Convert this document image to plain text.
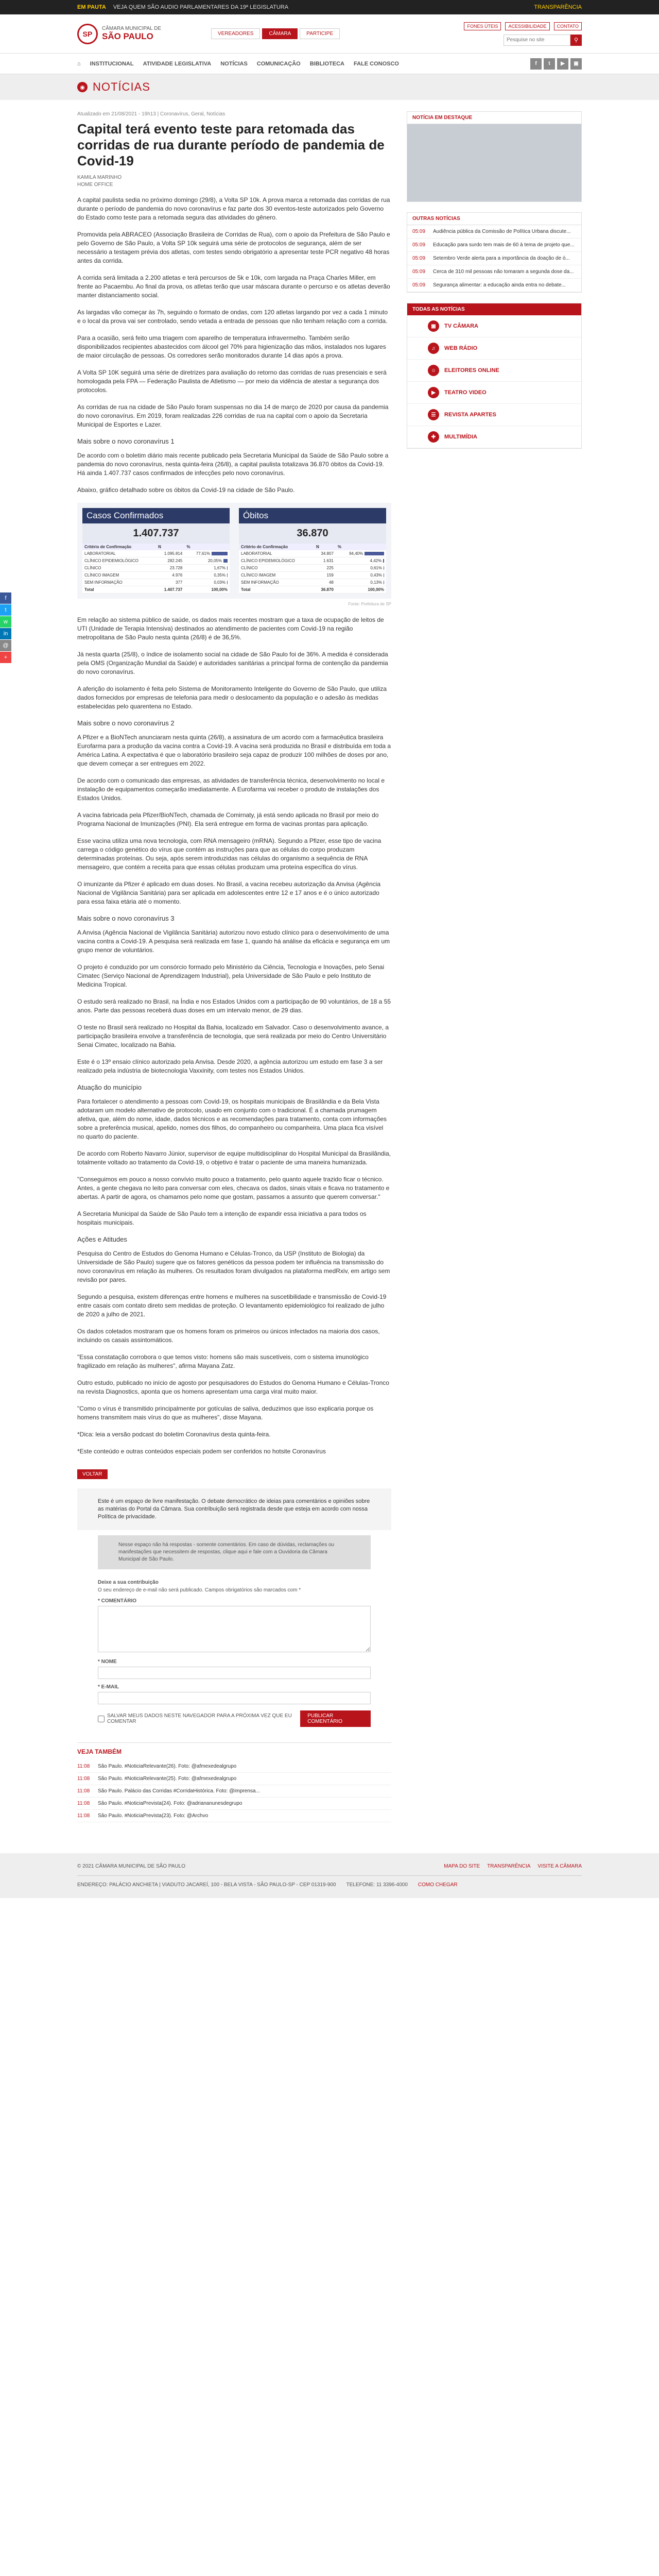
EM PAUTA VEJA QUEM SÃO AUDIO PARLAMENTARES DA 19ª LEGISLATURA	TRANSPARÊNCIA
SP
CÂMARA MUNICIPAL DE
SÃO PAULO	VEREADORES	CÂMARA	PARTICIPE
FONES ÚTEIS	ACESSIBILIDADE	CONTATO
Pesquise no site
⚲
⌂ INSTITUCIONAL ATIVIDADE LEGISLATIVA NOTÍCIAS COMUNICAÇÃO BIBLIOTECA FALE CONOSCO	f	t	▶	▣
◉ NOTÍCIAS
f
t
w
in
@
+
Atualizado em 21/08/2021 - 19h13 | Coronavírus, Geral, Notícias
Capital terá evento teste para retomada das corridas de rua durante período de pandemia de Covid-19
KAMILA MARINHO
HOME OFFICE

A capital paulista sedia no próximo domingo (29/8), a Volta SP 10k. A prova marca a retomada das corridas de rua durante o período de pandemia do novo coronavírus e faz parte dos 30 eventos-teste autorizados pelo Governo do Estado como teste para a retomada segura das atividades do gênero.

Promovida pela ABRACEO (Associação Brasileira de Corridas de Rua), com o apoio da Prefeitura de São Paulo e pelo Governo de São Paulo, a Volta SP 10k seguirá uma série de protocolos de segurança, além de ser necessário a testagem prévia dos atletas, com testes sendo obrigatório a apresentar teste PCR negativo 48 horas antes da corrida.

A corrida será limitada a 2.200 atletas e terá percursos de 5k e 10k, com largada na Praça Charles Miller, em frente ao Pacaembu. Ao final da prova, os atletas terão que usar máscara durante o percurso e os atletas deverão manter distanciamento social.

As largadas vão começar às 7h, seguindo o formato de ondas, com 120 atletas largando por vez a cada 1 minuto e o local da prova vai ser controlado, sendo vetada a entrada de pessoas que não tenham relação com a corrida.

Para a ocasião, será feito uma triagem com aparelho de temperatura infravermelho. Também serão disponibilizados recipientes abastecidos com álcool gel 70% para higienização das mãos, instalados nos lugares de maior circulação de pessoas. Os corredores serão monitorados durante 14 dias após a prova.

A Volta SP 10K seguirá uma série de diretrizes para avaliação do retorno das corridas de ruas presenciais e será homologada pela FPA — Federação Paulista de Atletismo — por meio da vidência de atestar a segurança dos protocolos.

As corridas de rua na cidade de São Paulo foram suspensas no dia 14 de março de 2020 por causa da pandemia do novo coronavírus. Em 2019, foram realizadas 226 corridas de rua na capital com o apoio da Secretaria Municipal de Esportes e Lazer.

Mais sobre o novo coronavírus 1

De acordo com o boletim diário mais recente publicado pela Secretaria Municipal da Saúde de São Paulo sobre a pandemia do novo coronavírus, nesta quinta-feira (26/8), a capital paulista totalizava 36.870 óbitos da Covid-19. Há ainda 1.407.737 casos confirmados de infecções pelo novo coronavírus.

Abaixo, gráfico detalhado sobre os óbitos da Covid-19 na cidade de São Paulo.

Casos Confirmados
1.407.737
Critério de Confirmação	N	%
LABORATORIAL	1.095.814	77,61%
CLÍNICO EPIDEMIOLÓGICO	282.245	20,05%
CLÍNICO	23.728	1,67%
CLÍNICO IMAGEM	4.976	0,35%
SEM INFORMAÇÃO	377	0,03%
Total	1.407.737	100,00%
Óbitos
36.870
Critério de Confirmação	N	%
LABORATORIAL	34.807	94,40%
CLÍNICO EPIDEMIOLÓGICO	1.631	4,42%
CLÍNICO	225	0,61%
CLÍNICO IMAGEM	159	0,43%
SEM INFORMAÇÃO	48	0,13%
Total	36.870	100,00%
Fonte: Prefeitura de SP

Em relação ao sistema público de saúde, os dados mais recentes mostram que a taxa de ocupação de leitos de UTI (Unidade de Terapia Intensiva) destinados ao atendimento de pacientes com Covid-19 na região metropolitana de São Paulo nesta quinta (26/8) é de 36,5%.

Já nesta quarta (25/8), o índice de isolamento social na cidade de São Paulo foi de 36%. A medida é considerada pela OMS (Organização Mundial da Saúde) e autoridades sanitárias a principal forma de contenção da pandemia do novo coronavírus.

A aferição do isolamento é feita pelo Sistema de Monitoramento Inteligente do Governo de São Paulo, que utiliza dados fornecidos por empresas de telefonia para medir o deslocamento da população e o adesão às medidas estabelecidas pelo quarentena no Estado.

Mais sobre o novo coronavírus 2

A Pfizer e a BioNTech anunciaram nesta quinta (26/8), a assinatura de um acordo com a farmacêutica brasileira Eurofarma para a produção da vacina contra a Covid-19. A vacina será produzida no Brasil e distribuída em toda a América Latina. A expectativa é que o laboratório brasileiro seja capaz de produzir 100 milhões de doses por ano, que devem começar a ser entregues em 2022.

De acordo com o comunicado das empresas, as atividades de transferência técnica, desenvolvimento no local e instalação de equipamentos começarão imediatamente. A Eurofarma vai receber o produto de instalações dos Estados Unidos.

A vacina fabricada pela Pfizer/BioNTech, chamada de Comirnaty, já está sendo aplicada no Brasil por meio do Programa Nacional de Imunizações (PNI). Ela será entregue em forma de vacinas prontas para aplicação.

Esse vacina utiliza uma nova tecnologia, com RNA mensageiro (mRNA). Segundo a Pfizer, esse tipo de vacina carrega o código genético do vírus que contém as instruções para que as células do corpo produzam determinadas proteínas. Ou seja, após serem introduzidas nas células do organismo a sequência de RNA mensageiro, que contém a receita para que essas células produzam uma proteína específica do vírus.

O imunizante da Pfizer é aplicado em duas doses. No Brasil, a vacina recebeu autorização da Anvisa (Agência Nacional de Vigilância Sanitária) para ser aplicada em adolescentes entre 12 e 17 anos e é o único autorizado para essa faixa etária até o momento.

Mais sobre o novo coronavírus 3

A Anvisa (Agência Nacional de Vigilância Sanitária) autorizou novo estudo clínico para o desenvolvimento de uma vacina contra a Covid-19. A pesquisa será realizada em fase 1, quando há análise da eficácia e segurança em um grupo menor de voluntários.

O projeto é conduzido por um consórcio formado pelo Ministério da Ciência, Tecnologia e Inovações, pelo Senai Cimatec (Serviço Nacional de Aprendizagem Industrial), pela Universidade de São Paulo e pelo Instituto de Medicina Tropical.

O estudo será realizado no Brasil, na Índia e nos Estados Unidos com a participação de 90 voluntários, de 18 a 55 anos. Parte das pessoas receberá duas doses em um intervalo menor, de 29 dias.

O teste no Brasil será realizado no Hospital da Bahia, localizado em Salvador. Caso o desenvolvimento avance, a participação brasileira envolve a transferência de tecnologia, que será realizada por meio do Centro Universitário Senai Cimatec, localizado na Bahia.

Este é o 13º ensaio clínico autorizado pela Anvisa. Desde 2020, a agência autorizou um estudo em fase 3 a ser realizado pela indústria de biotecnologia Vaxxinity, com testes nos Estados Unidos.

Atuação do município

Para fortalecer o atendimento a pessoas com Covid-19, os hospitais municipais de Brasilândia e da Bela Vista adotaram um modelo alternativo de protocolo, usado em conjunto com o tradicional. É a chamada prumagem afetiva, que, além do nome, idade, dados técnicos e as recomendações para tratamento, conta com informações sobre a preferência musical, apelido, nomes dos filhos, do companheiro ou companheira. Uma placa fica visível no quarto do paciente.

De acordo com Roberto Navarro Júnior, supervisor de equipe multidisciplinar do Hospital Municipal da Brasilândia, totalmente voltado ao tratamento da Covid-19, o objetivo é tratar o paciente de uma maneira humanizada.

"Conseguimos em pouco a nosso convívio muito pouco a tratamento, pelo quanto aquele trazido ficar o técnico. Antes, a gente chegava no leito para conversar com eles, checava os dados, sinais vitais e ficava no tratamento e abertas. A partir de agora, os chamamos pelo nome que gostam, passamos a assunto que querem conversar."

A Secretaria Municipal da Saúde de São Paulo tem a intenção de expandir essa iniciativa a para todos os hospitais municipais.

Ações e Atitudes

Pesquisa do Centro de Estudos do Genoma Humano e Células-Tronco, da USP (Instituto de Biologia) da Universidade de São Paulo) sugere que os fatores genéticos da pessoa podem ter influência na transmissão do novo coronavírus em relação às mulheres. Os resultados foram divulgados na plataforma medRxiv, em artigo sem revisão por pares.

Segundo a pesquisa, existem diferenças entre homens e mulheres na suscetibilidade e transmissão de Covid-19 entre casais com contato direto sem medidas de proteção. O levantamento epidemiológico foi realizado de julho de 2020 a julho de 2021.

Os dados coletados mostraram que os homens foram os primeiros ou únicos infectados na maioria dos casos, incluindo os casais assintomáticos.

"Essa constatação corrobora o que temos visto: homens são mais suscetíveis, com o sistema imunológico fragilizado em relação às mulheres", afirma Mayana Zatz.

Outro estudo, publicado no início de agosto por pesquisadores do Estudos do Genoma Humano e Células-Tronco na revista Diagnostics, aponta que os homens apresentam uma carga viral muito maior.

"Como o vírus é transmitido principalmente por gotículas de saliva, deduzimos que isso explicaria porque os homens transmitem mais vírus do que as mulheres", disse Mayana.

*Dica: leia a versão podcast do boletim Coronavírus desta quinta-feira.

*Este conteúdo e outras conteúdos especiais podem ser conferidos no hotsite Coronavírus

VOLTAR
Este é um espaço de livre manifestação. O debate democrático de ideias para comentários e opiniões sobre as matérias do Portal da Câmara. Sua contribuição será registrada desde que esteja em acordo com nossa Política de privacidade.
Nesse espaço não há respostas - somente comentários. Em caso de dúvidas, reclamações ou manifestações que necessitem de respostas, clique aqui e fale com a Ouvidoria da Câmara Municipal de São Paulo.
Deixe a sua contribuição
O seu endereço de e-mail não será publicado. Campos obrigatórios são marcados com *
* COMENTÁRIO
* NOME
* E-MAIL
SALVAR MEUS DADOS NESTE NAVEGADOR PARA A PRÓXIMA VEZ QUE EU COMENTAR
PUBLICAR COMENTÁRIO
VEJA TAMBÉM
11:08	São Paulo. #NoticiaRelevante(26). Foto: @afmexedealgrupo
11:08	São Paulo. #NoticiaRelevante(25). Foto: @afmexedealgrupo
11:08	São Paulo. Palácio das Corridas #CorridaHistórica. Foto: @imprensa...
11:08	São Paulo. #NoticiaPrevista(24). Foto: @adriananunesdegrupo
11:08	São Paulo. #NoticiaPrevista(23). Foto: @Archvo
NOTÍCIA EM DESTAQUE
OUTRAS NOTÍCIAS
05:09	Audiência pública da Comissão de Política Urbana discute...
05:09	Educação para surdo tem mais de 60 à tema de projeto que...
05:09	Setembro Verde alerta para a importância da doação de ó...
05:09	Cerca de 310 mil pessoas não tomaram a segunda dose da...
05:09	Segurança alimentar: a educação ainda entra no debate...
TODAS AS NOTÍCIAS
▣	TV CÂMARA
♫	WEB RÁDIO
☺	ELEITORES ONLINE
▶	TEATRO VIDEO
☰	REVISTA APARTES
✚	MULTIMÍDIA
© 2021 CÂMARA MUNICIPAL DE SÃO PAULO	MAPA DO SITE TRANSPARÊNCIA VISITE A CÂMARA
ENDEREÇO: PALÁCIO ANCHIETA | VIADUTO JACAREÍ, 100 - BELA VISTA - SÃO PAULO-SP - CEP 01319-900 TELEFONE: 11 3396-4000 COMO CHEGAR
